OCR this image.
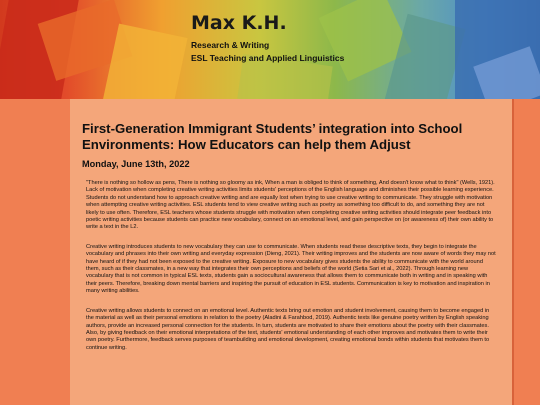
Max K.H.
Research & Writing
ESL Teaching and Applied Linguistics
First-Generation Immigrant Students’ integration into School Environments: How Educators can help them Adjust
Monday, June 13th, 2022

"There is nothing so hollow as pens, There is nothing so gloomy as ink, When a man is obliged to think of something, And doesn't know what to think" (Wells, 1921). Lack of motivation when completing creative writing activities limits students' perceptions of the English language and diminishes their possible learning experience. Students do not understand how to approach creative writing and are equally lost when trying to use creative writing to communicate. They struggle with motivation when attempting creative writing activities. ESL students tend to view creative writing such as poetry as something too difficult to do, and something they are not likely to use often. Therefore, ESL teachers whose students struggle with motivation when completing creative writing activities should integrate peer feedback into poetic writing activities because students can practice new vocabulary, connect on an emotional level, and gain perspective on (or awareness of) their own ability to write a text in the L2.

Creative writing introduces students to new vocabulary they can use to communicate. When students read these descriptive texts, they begin to integrate the vocabulary and phrases into their own writing and everyday expression (Dieng, 2021). Their writing improves and the students are now aware of words they may not have heard of if they had not been exposed to the creative writing. Exposure to new vocabulary gives students the ability to communicate with the world around them, such as their classmates, in a new way that integrates their own perceptions and beliefs of the world (Setia Sari et al., 2022). Through learning new vocabulary that is not common in typical ESL texts, students gain a sociocultural awareness that allows them to communicate both in writing and in speaking with their peers. Therefore, breaking down mental barriers and inspiring the pursuit of education in ESL students. Communication is key to motivation and inspiration in many writing abilities.

Creative writing allows students to connect on an emotional level. Authentic texts bring out emotion and student involvement, causing them to become engaged in the material as well as their personal emotions in relation to the poetry (Aladini & Farahbod, 2019). Authentic texts like genuine poetry written by English speaking authors, provide an increased personal connection for the students. In turn, students are motivated to share their emotions about the poetry with their classmates. Also, by giving feedback on their emotional interpretations of the text, students' emotional understanding of each other improves and motivates them to write their own poetry. Furthermore, feedback serves purposes of teambuilding and emotional development, creating emotional bonds within students that motivates them to continue writing.
